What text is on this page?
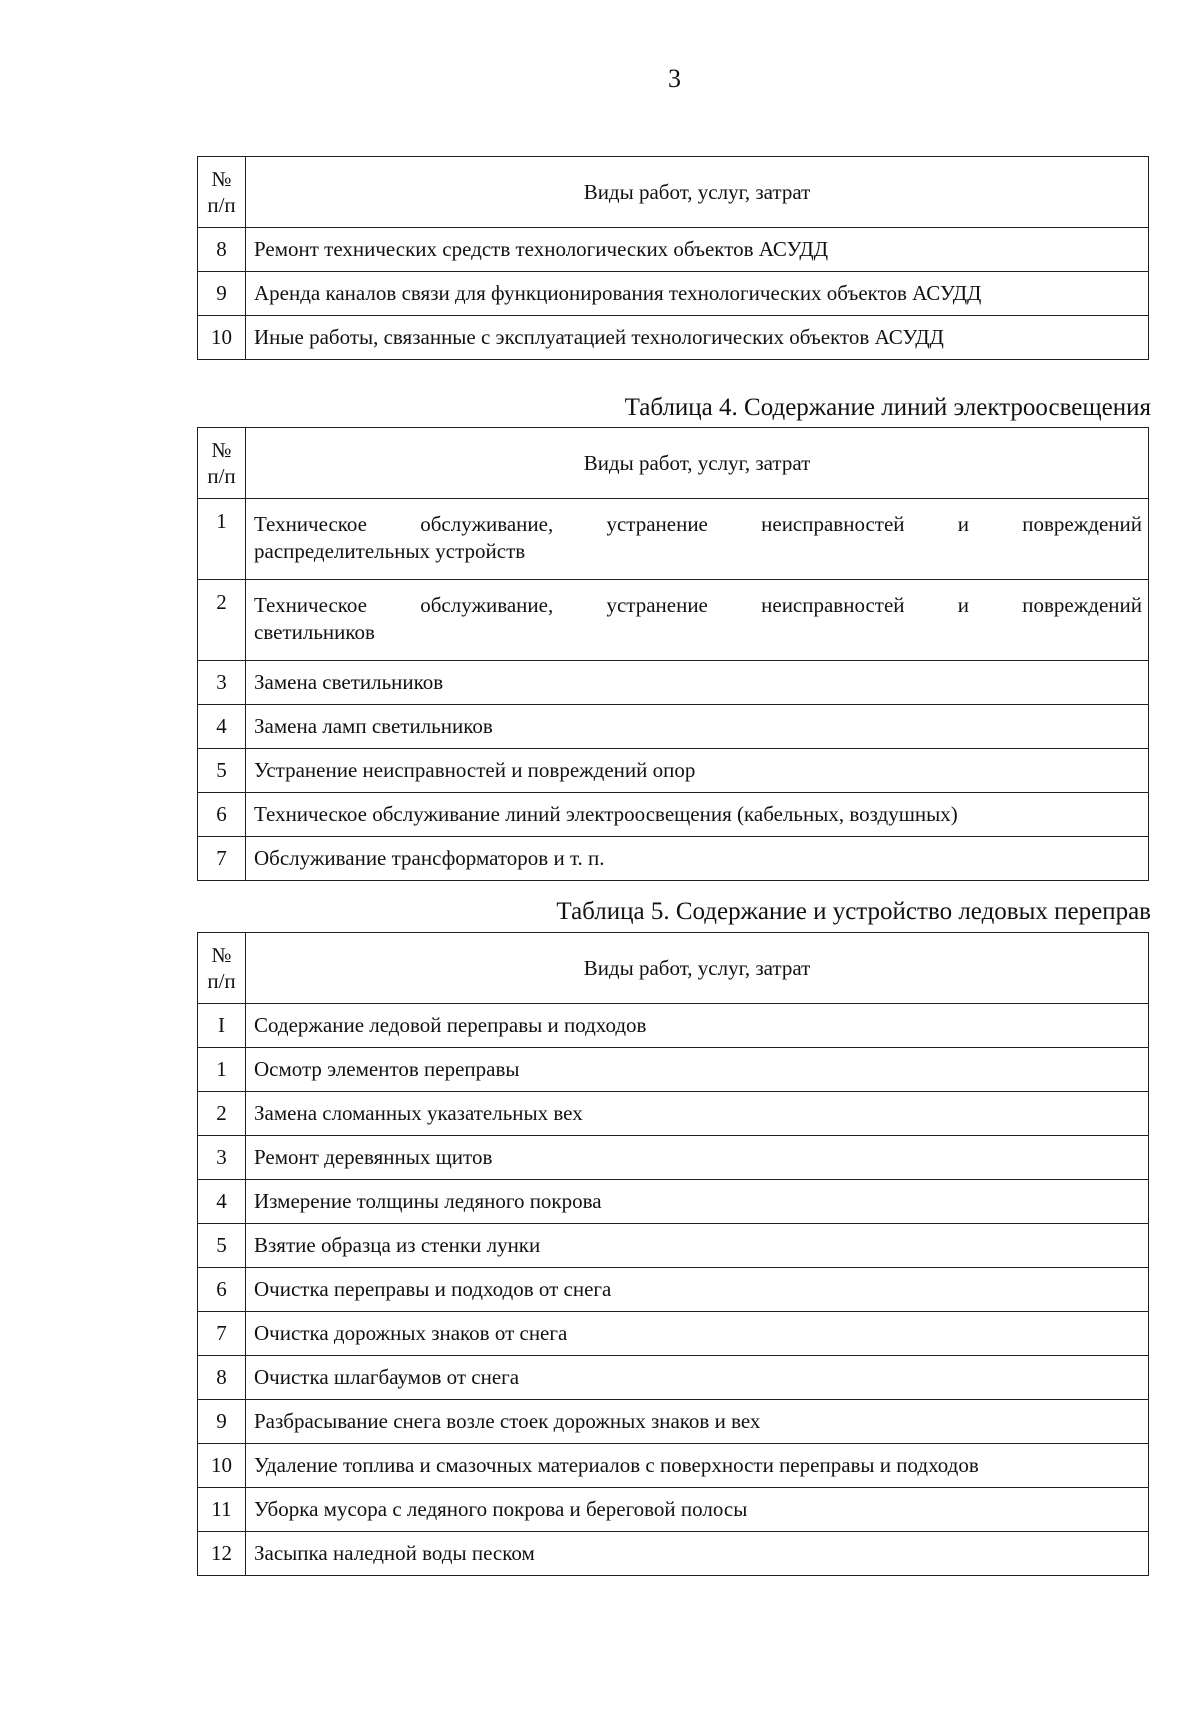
3
№
п/п	Виды работ, услуг, затрат
8	Ремонт технических средств технологических объектов АСУДД
9	Аренда каналов связи для функционирования технологических объектов АСУДД
10	Иные работы, связанные с эксплуатацией технологических объектов АСУДД
Таблица 4. Содержание линий электроосвещения
№
п/п	Виды работ, услуг, затрат
1	Техническое обслуживание, устранение неисправностей и повреждений
распределительных устройств
2	Техническое обслуживание, устранение неисправностей и повреждений
светильников
3	Замена светильников
4	Замена ламп светильников
5	Устранение неисправностей и повреждений опор
6	Техническое обслуживание линий электроосвещения (кабельных, воздушных)
7	Обслуживание трансформаторов и т. п.
Таблица 5. Содержание и устройство ледовых переправ
№
п/п	Виды работ, услуг, затрат
I	Содержание ледовой переправы и подходов
1	Осмотр элементов переправы
2	Замена сломанных указательных вех
3	Ремонт деревянных щитов
4	Измерение толщины ледяного покрова
5	Взятие образца из стенки лунки
6	Очистка переправы и подходов от снега
7	Очистка дорожных знаков от снега
8	Очистка шлагбаумов от снега
9	Разбрасывание снега возле стоек дорожных знаков и вех
10	Удаление топлива и смазочных материалов с поверхности переправы и подходов
11	Уборка мусора с ледяного покрова и береговой полосы
12	Засыпка наледной воды песком
